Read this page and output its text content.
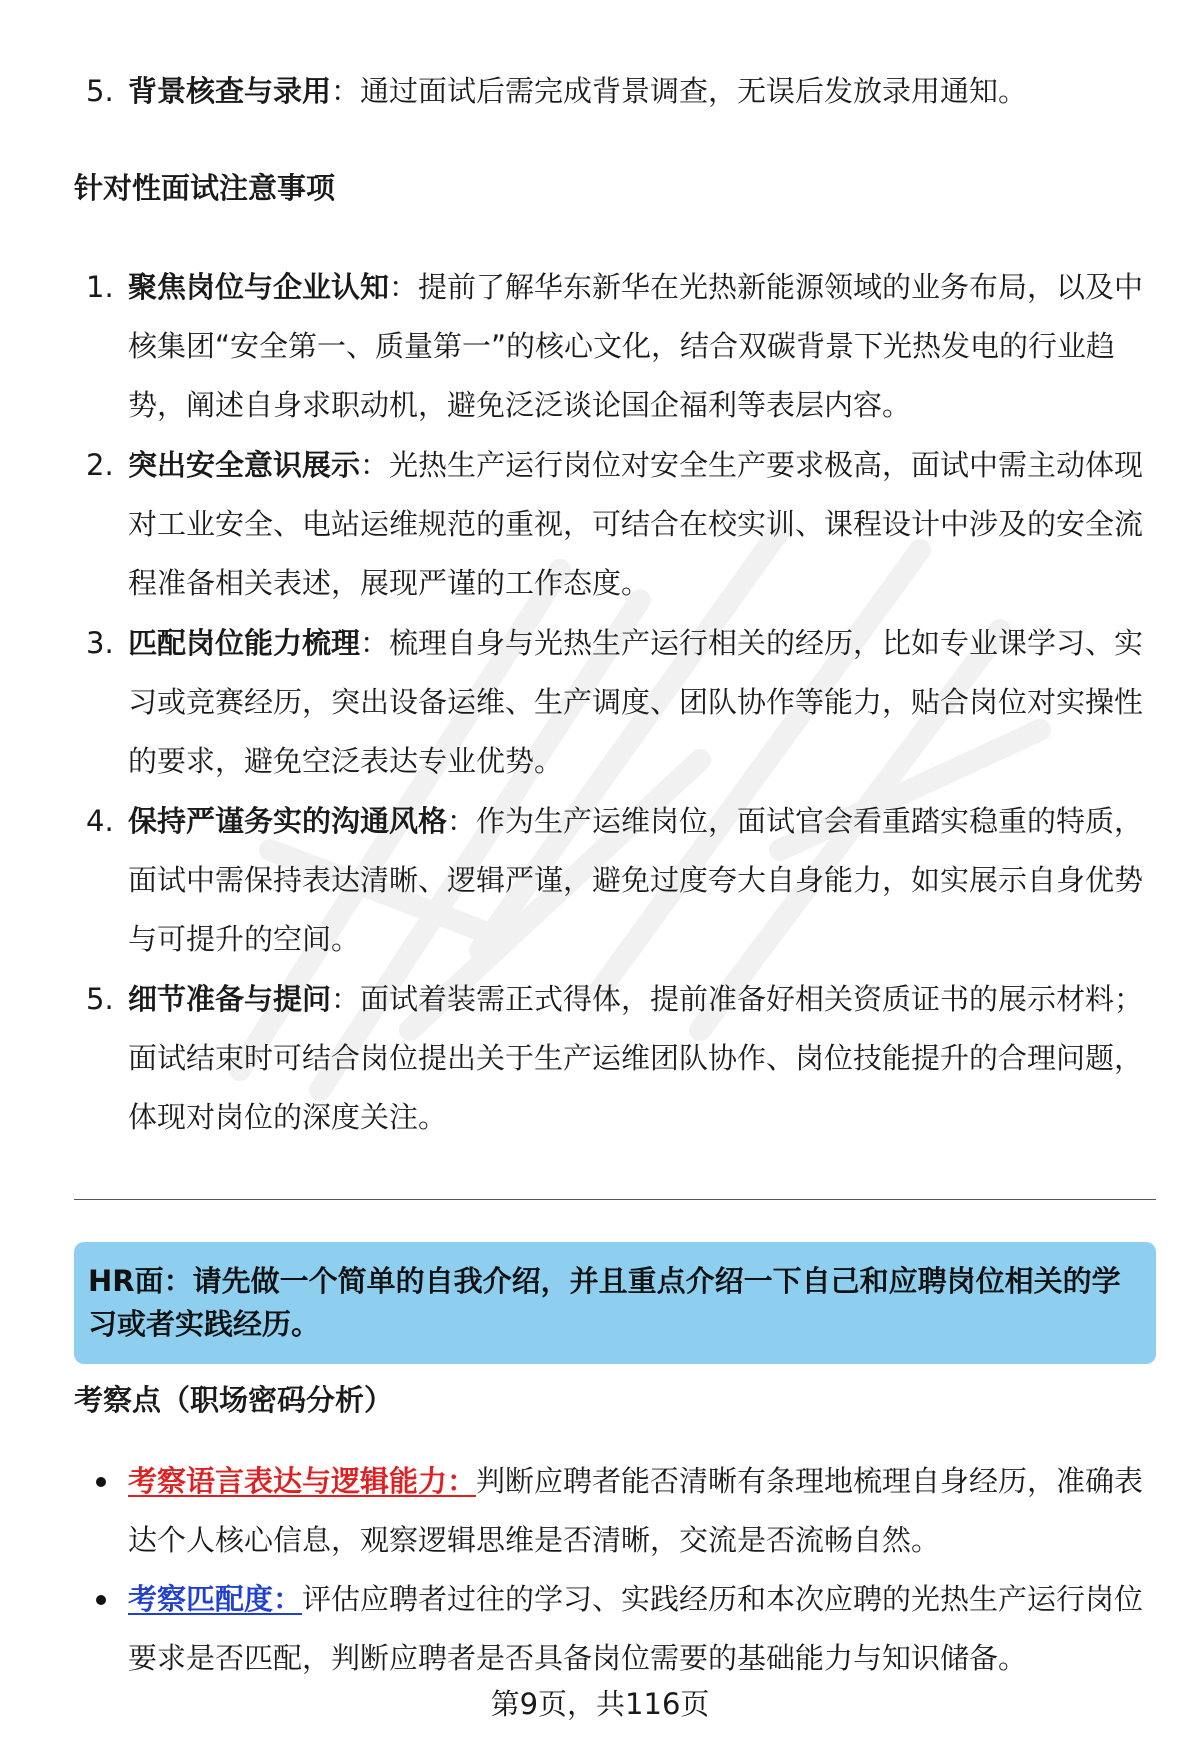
5. 背景核查与录用：通过面试后需完成背景调查，无误后发放录用通知。
针对性面试注意事项
1. 聚焦岗位与企业认知：提前了解华东新华在光热新能源领域的业务布局，以及中核集团“安全第一、质量第一”的核心文化，结合双碳背景下光热发电的行业趋势，阐述自身求职动机，避免泛泛谈论国企福利等表层内容。
2. 突出安全意识展示：光热生产运行岗位对安全生产要求极高，面试中需主动体现对工业安全、电站运维规范的重视，可结合在校实训、课程设计中涉及的安全流程准备相关表述，展现严谨的工作态度。
3. 匹配岗位能力梳理：梳理自身与光热生产运行相关的经历，比如专业课学习、实习或竞赛经历，突出设备运维、生产调度、团队协作等能力，贴合岗位对实操性的要求，避免空泛表达专业优势。
4. 保持严谨务实的沟通风格：作为生产运维岗位，面试官会看重踏实稳重的特质，面试中需保持表达清晰、逻辑严谨，避免过度夸大自身能力，如实展示自身优势与可提升的空间。
5. 细节准备与提问：面试着装需正式得体，提前准备好相关资质证书的展示材料；面试结束时可结合岗位提出关于生产运维团队协作、岗位技能提升的合理问题，体现对岗位的深度关注。
HR面：请先做一个简单的自我介绍，并且重点介绍一下自己和应聘岗位相关的学习或者实践经历。
考察点（职场密码分析）
考察语言表达与逻辑能力：判断应聘者能否清晰有条理地梳理自身经历，准确表达个人核心信息，观察逻辑思维是否清晰，交流是否流畅自然。
考察匹配度：评估应聘者过往的学习、实践经历和本次应聘的光热生产运行岗位要求是否匹配，判断应聘者是否具备岗位需要的基础能力与知识储备。
第9页，共116页
